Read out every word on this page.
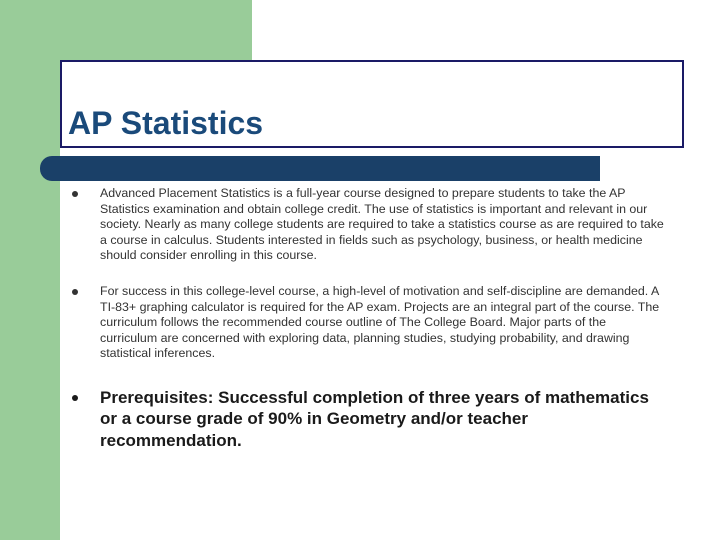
AP Statistics
Advanced Placement Statistics is a full-year course designed to prepare students to take the AP Statistics examination and obtain college credit. The use of statistics is important and relevant in our society. Nearly as many college students are required to take a statistics course as are required to take a course in calculus. Students interested in fields such as psychology, business, or health medicine should consider enrolling in this course.
For success in this college-level course, a high-level of motivation and self-discipline are demanded. A TI-83+ graphing calculator is required for the AP exam. Projects are an integral part of the course. The curriculum follows the recommended course outline of The College Board. Major parts of the curriculum are concerned with exploring data, planning studies, studying probability, and drawing statistical inferences.
Prerequisites: Successful completion of three years of mathematics or a course grade of 90% in Geometry and/or teacher recommendation.
